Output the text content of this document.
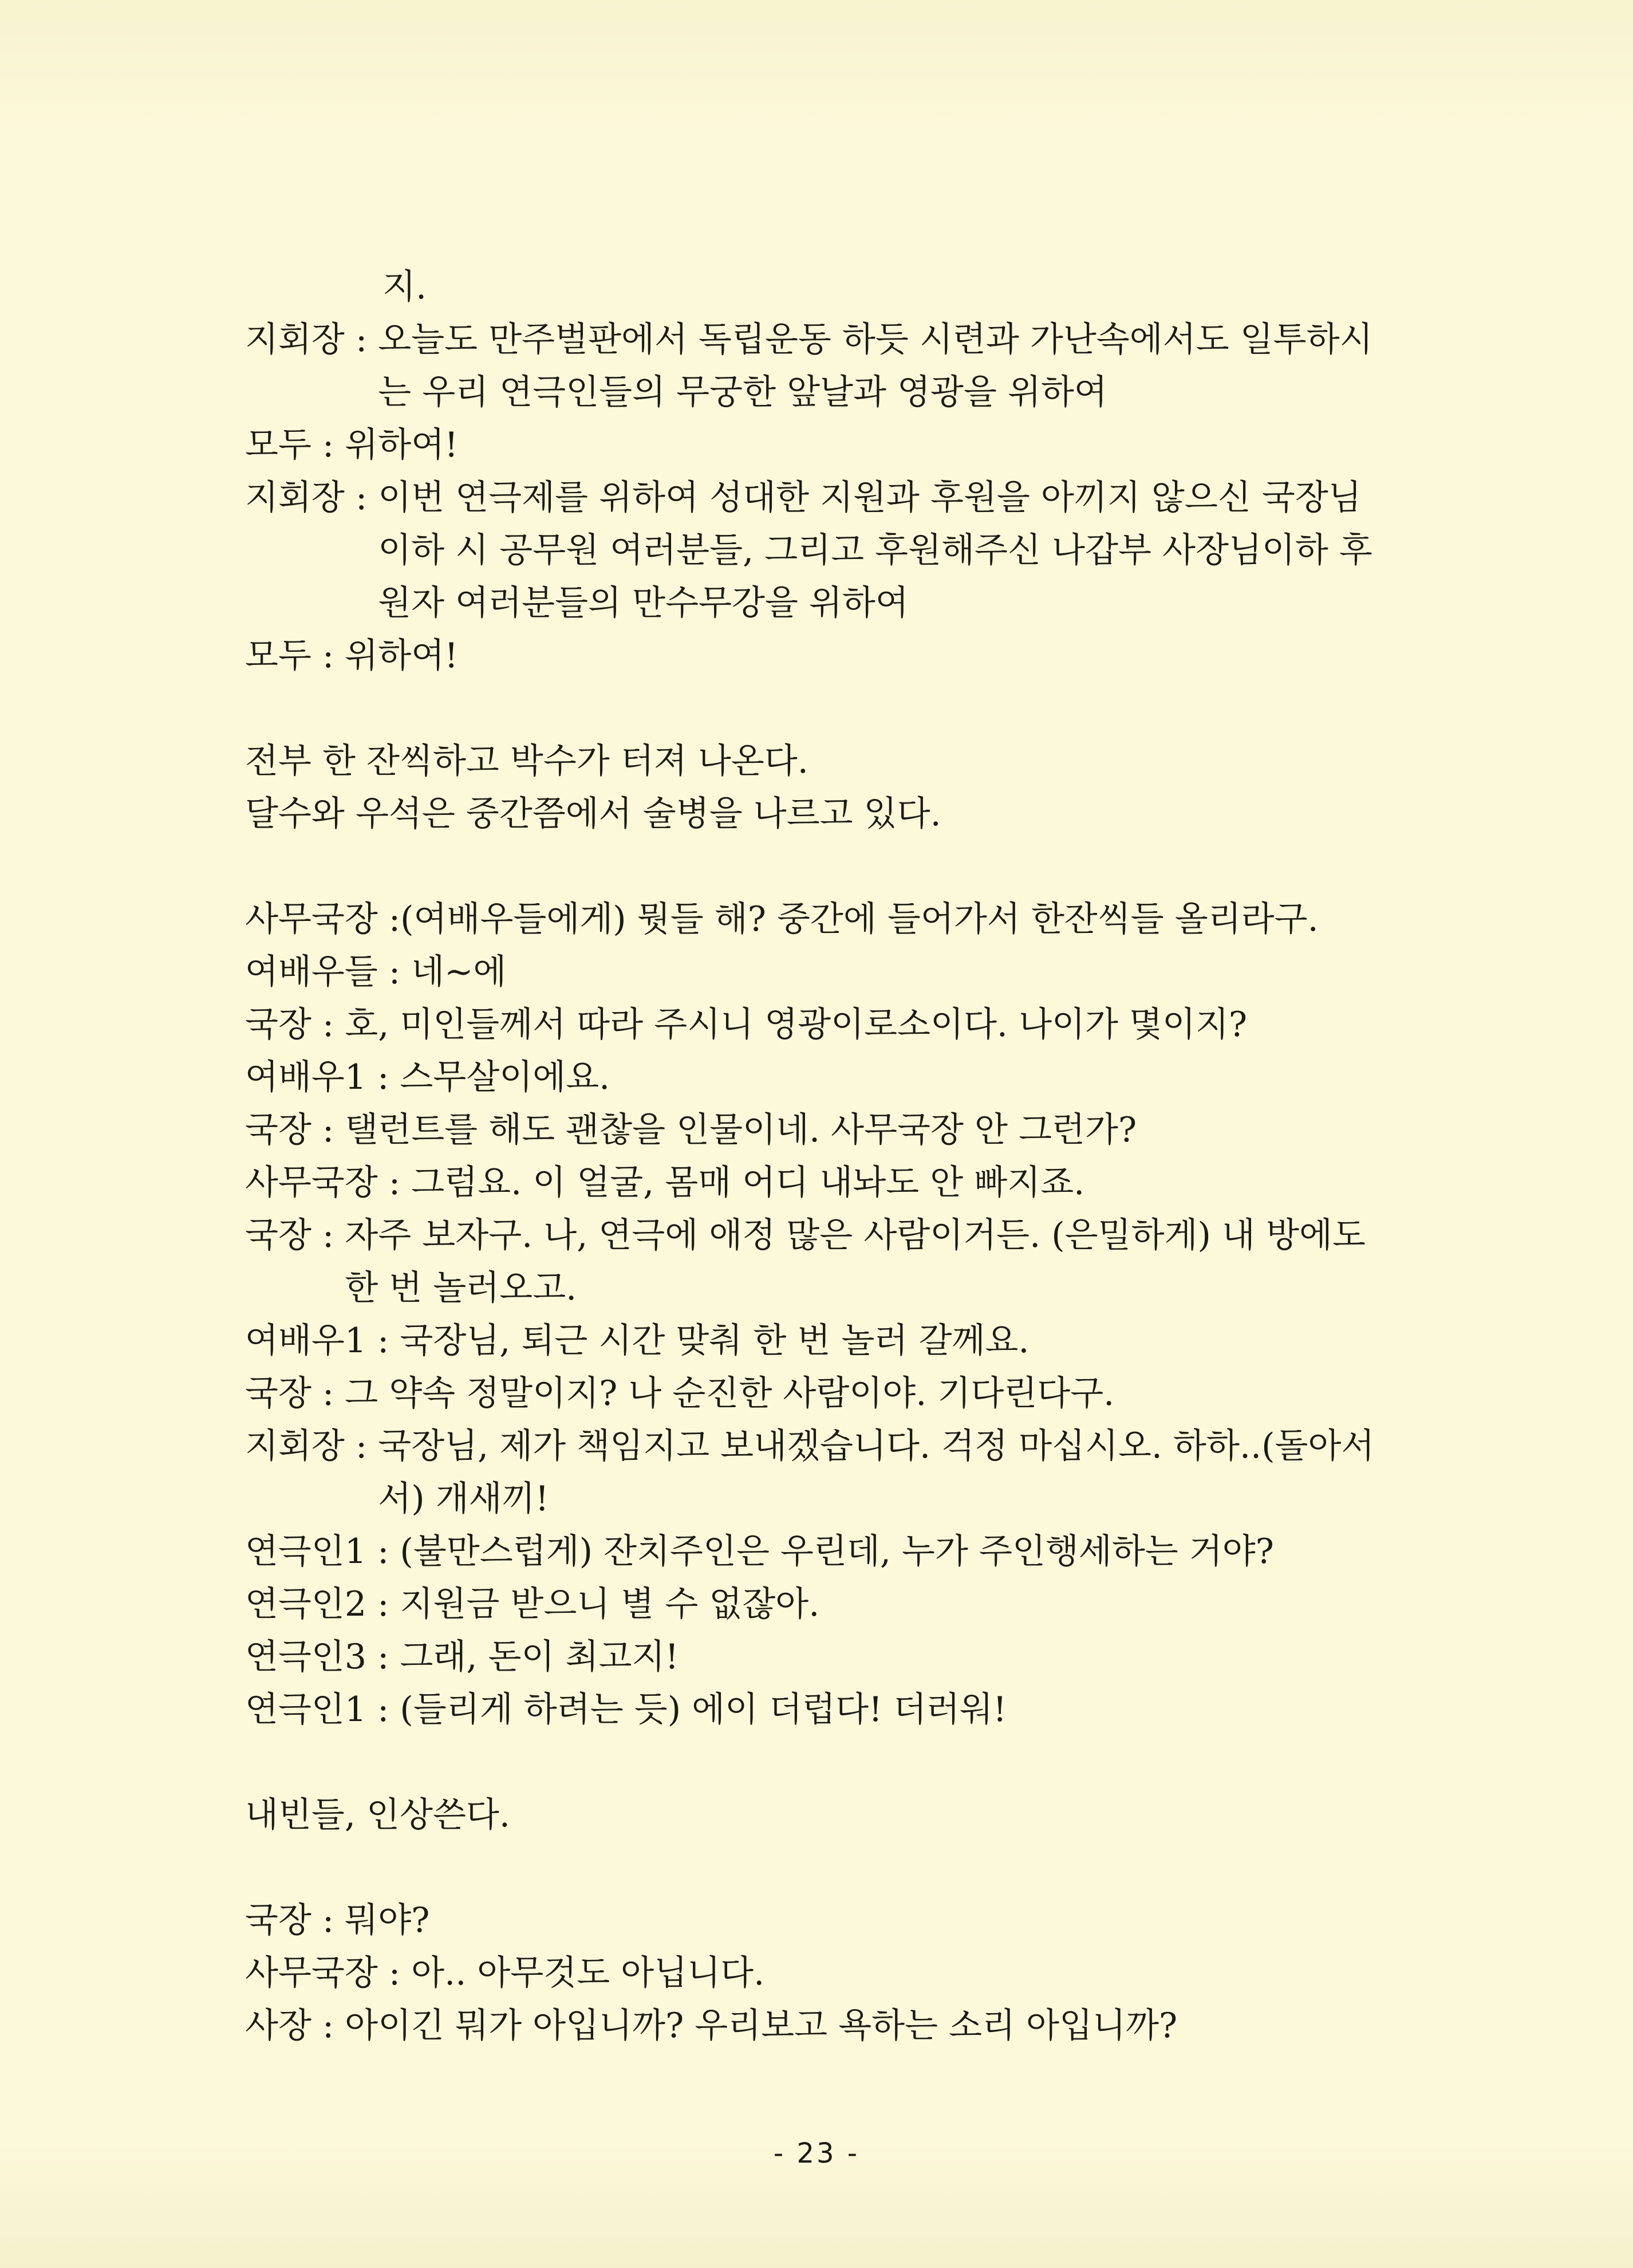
지.
지회장 : 오늘도 만주벌판에서 독립운동 하듯 시련과 가난속에서도 일투하시는 우리 연극인들의 무궁한 앞날과 영광을 위하여
모두 : 위하여!
지회장 : 이번 연극제를 위하여 성대한 지원과 후원을 아끼지 않으신 국장님 이하 시 공무원 여러분들, 그리고 후원해주신 나갑부 사장님이하 후원자 여러분들의 만수무강을 위하여
모두 : 위하여!
전부 한 잔씩하고 박수가 터져 나온다.
달수와 우석은 중간쯤에서 술병을 나르고 있다.
사무국장 : (여배우들에게) 뭣들 해? 중간에 들어가서 한잔씩들 올리라구.
여배우들 : 네~에
국장 : 호, 미인들께서 따라 주시니 영광이로소이다. 나이가 몇이지?
여배우1 : 스무살이에요.
국장 : 탤런트를 해도 괜찮을 인물이네. 사무국장 안 그런가?
사무국장 : 그럼요. 이 얼굴, 몸매 어디 내놔도 안 빠지죠.
국장 : 자주 보자구. 나, 연극에 애정 많은 사람이거든. (은밀하게) 내 방에도 한 번 놀러오고.
여배우1 : 국장님, 퇴근 시간 맞춰 한 번 놀러 갈께요.
국장 : 그 약속 정말이지? 나 순진한 사람이야. 기다린다구.
지회장 : 국장님, 제가 책임지고 보내겠습니다. 걱정 마십시오. 하하..(돌아서서) 개새끼!
연극인1 : (불만스럽게) 잔치주인은 우린데, 누가 주인행세하는 거야?
연극인2 : 지원금 받으니 별 수 없잖아.
연극인3 : 그래, 돈이 최고지!
연극인1 : (들리게 하려는 듯) 에이 더럽다! 더러워!
내빈들, 인상쓴다.
국장 : 뭐야?
사무국장 : 아.. 아무것도 아닙니다.
사장 : 아이긴 뭐가 아입니까? 우리보고 욕하는 소리 아입니까?
- 23 -
